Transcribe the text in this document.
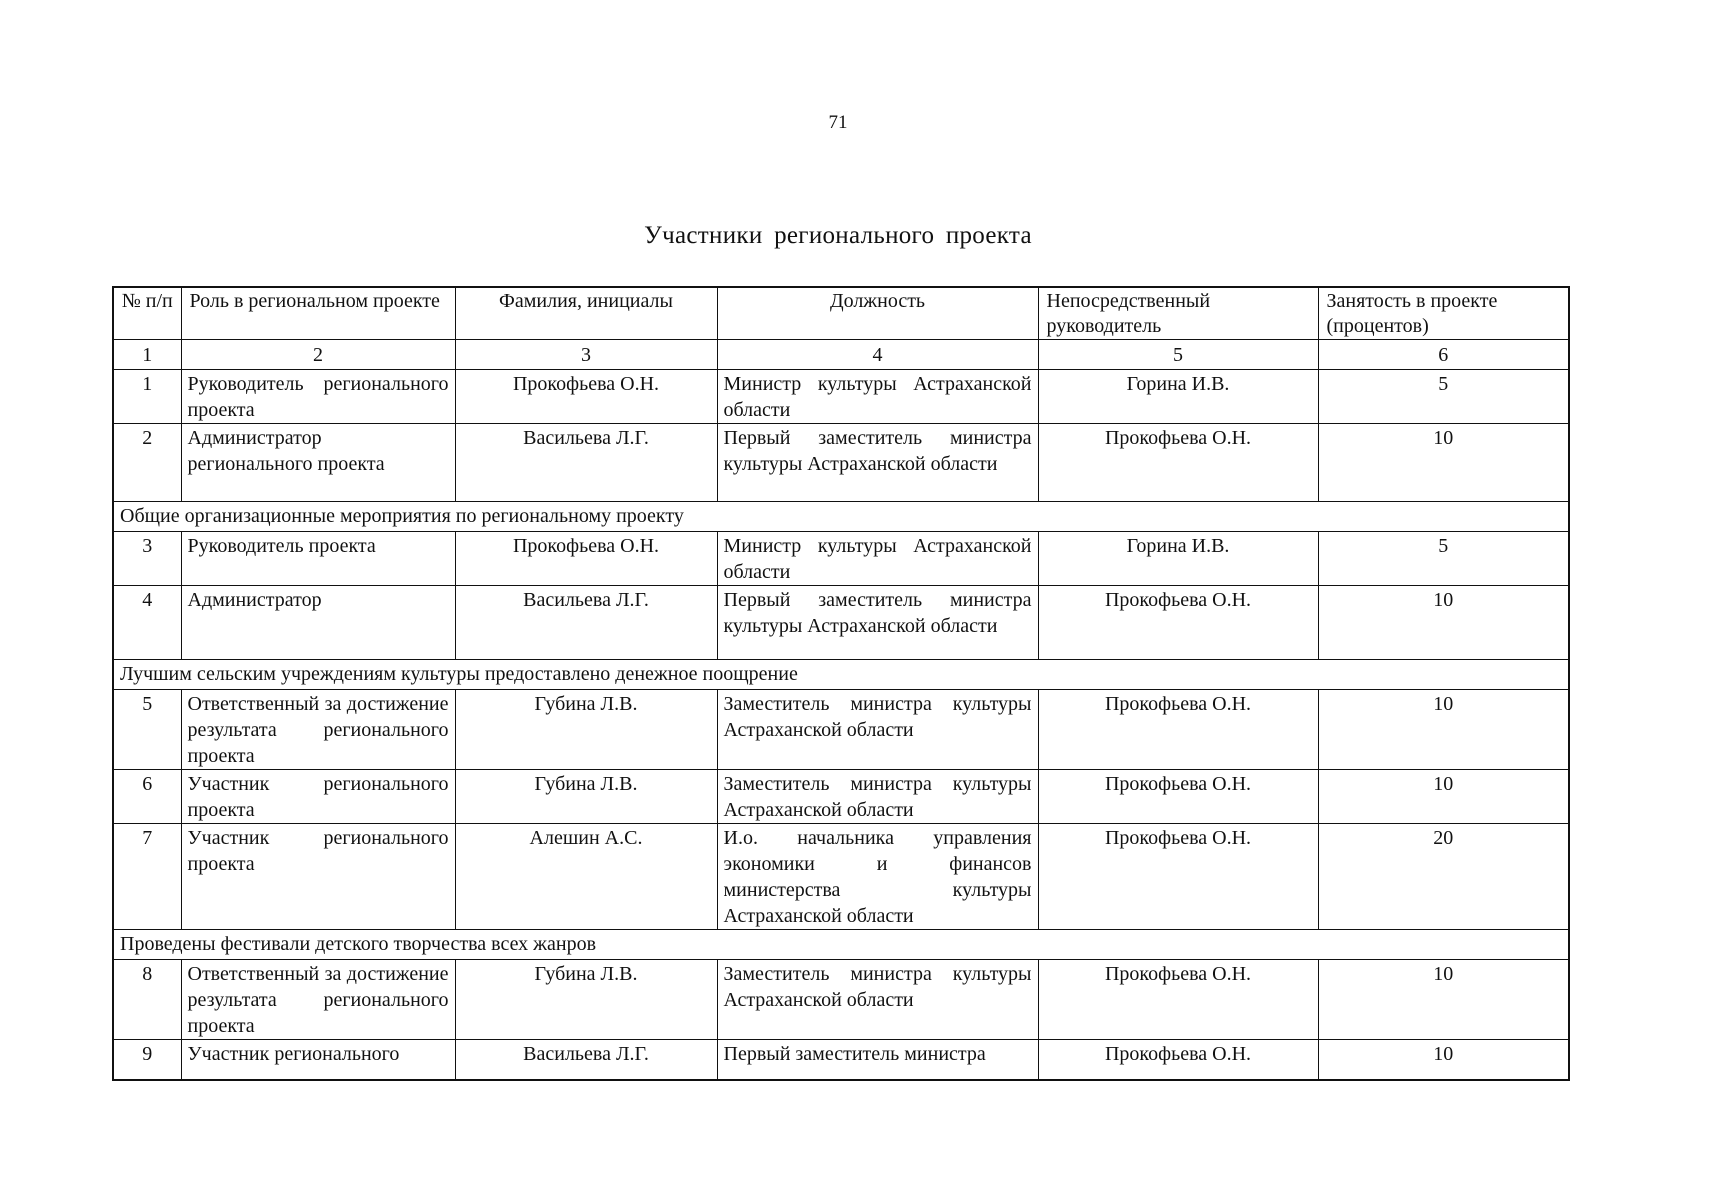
71
Участники регионального проекта
№ п/п	Роль в региональном проекте	Фамилия, инициалы	Должность	Непосредственный руководитель	Занятость в проекте (процентов)
1	2	3	4	5	6
1	Руководитель регионального проекта	Прокофьева О.Н.	Министр культуры Астраханской области	Горина И.В.	5
2	Администратор регионального проекта	Васильева Л.Г.	Первый заместитель министра культуры Астраханской области	Прокофьева О.Н.	10
Общие организационные мероприятия по региональному проекту					
3	Руководитель проекта	Прокофьева О.Н.	Министр культуры Астраханской области	Горина И.В.	5
4	Администратор	Васильева Л.Г.	Первый заместитель министра культуры Астраханской области	Прокофьева О.Н.	10
Лучшим сельским учреждениям культуры предоставлено денежное поощрение					
5	Ответственный за достижение результата регионального проекта	Губина Л.В.	Заместитель министра культуры Астраханской области	Прокофьева О.Н.	10
6	Участник регионального проекта	Губина Л.В.	Заместитель министра культуры Астраханской области	Прокофьева О.Н.	10
7	Участник регионального проекта	Алешин А.С.	И.о. начальника управления экономики и финансов министерства культуры Астраханской области	Прокофьева О.Н.	20
Проведены фестивали детского творчества всех жанров					
8	Ответственный за достижение результата регионального проекта	Губина Л.В.	Заместитель министра культуры Астраханской области	Прокофьева О.Н.	10
9	Участник регионального	Васильева Л.Г.	Первый заместитель министра	Прокофьева О.Н.	10
